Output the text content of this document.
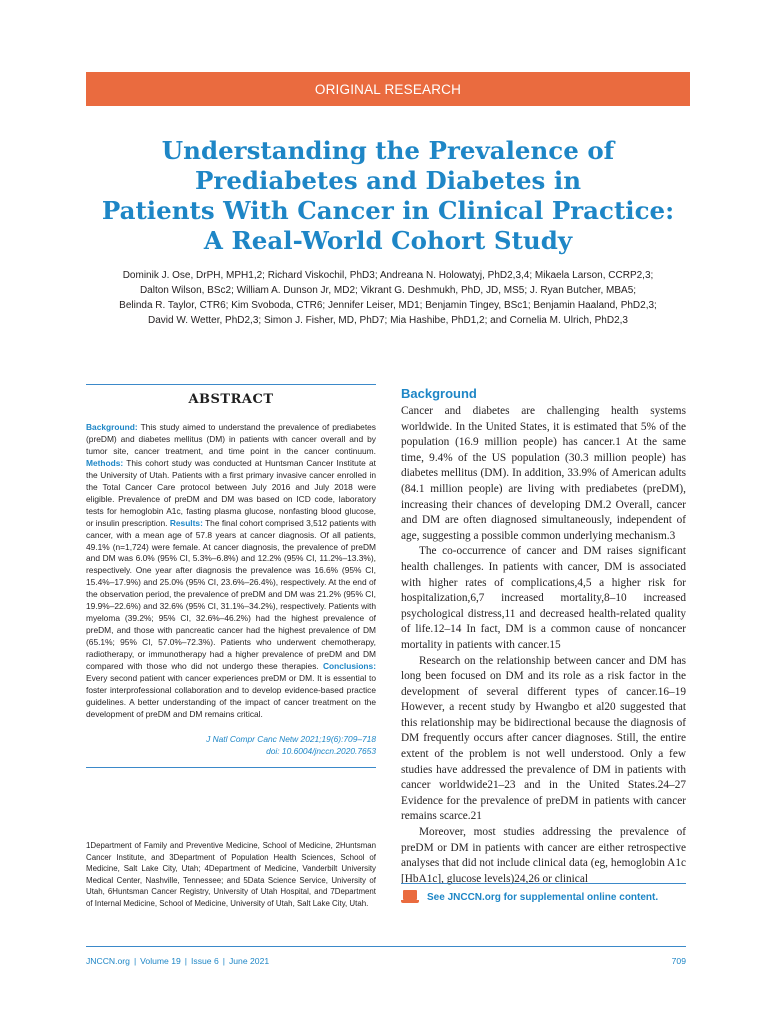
ORIGINAL RESEARCH
Understanding the Prevalence of
Prediabetes and Diabetes in
Patients With Cancer in Clinical Practice:
A Real-World Cohort Study
Dominik J. Ose, DrPH, MPH1,2; Richard Viskochil, PhD3; Andreana N. Holowatyj, PhD2,3,4; Mikaela Larson, CCRP2,3;
Dalton Wilson, BSc2; William A. Dunson Jr, MD2; Vikrant G. Deshmukh, PhD, JD, MS5; J. Ryan Butcher, MBA5;
Belinda R. Taylor, CTR6; Kim Svoboda, CTR6; Jennifer Leiser, MD1; Benjamin Tingey, BSc1; Benjamin Haaland, PhD2,3;
David W. Wetter, PhD2,3; Simon J. Fisher, MD, PhD7; Mia Hashibe, PhD1,2; and Cornelia M. Ulrich, PhD2,3
ABSTRACT
Background: This study aimed to understand the prevalence of prediabetes (preDM) and diabetes mellitus (DM) in patients with cancer overall and by tumor site, cancer treatment, and time point in the cancer continuum. Methods: This cohort study was conducted at Huntsman Cancer Institute at the University of Utah. Patients with a first primary invasive cancer enrolled in the Total Cancer Care protocol between July 2016 and July 2018 were eligible. Prevalence of preDM and DM was based on ICD code, laboratory tests for hemoglobin A1c, fasting plasma glucose, nonfasting blood glucose, or insulin prescription. Results: The final cohort comprised 3,512 patients with cancer, with a mean age of 57.8 years at cancer diagnosis. Of all patients, 49.1% (n=1,724) were female. At cancer diagnosis, the prevalence of preDM and DM was 6.0% (95% CI, 5.3%–6.8%) and 12.2% (95% CI, 11.2%–13.3%), respectively. One year after diagnosis the prevalence was 16.6% (95% CI, 15.4%–17.9%) and 25.0% (95% CI, 23.6%–26.4%), respectively. At the end of the observation period, the prevalence of preDM and DM was 21.2% (95% CI, 19.9%–22.6%) and 32.6% (95% CI, 31.1%–34.2%), respectively. Patients with myeloma (39.2%; 95% CI, 32.6%–46.2%) had the highest prevalence of preDM, and those with pancreatic cancer had the highest prevalence of DM (65.1%; 95% CI, 57.0%–72.3%). Patients who underwent chemotherapy, radiotherapy, or immunotherapy had a higher prevalence of preDM and DM compared with those who did not undergo these therapies. Conclusions: Every second patient with cancer experiences preDM or DM. It is essential to foster interprofessional collaboration and to develop evidence-based practice guidelines. A better understanding of the impact of cancer treatment on the development of preDM and DM remains critical.
J Natl Compr Canc Netw 2021;19(6):709–718
doi: 10.6004/jnccn.2020.7653
1Department of Family and Preventive Medicine, School of Medicine, 2Huntsman Cancer Institute, and 3Department of Population Health Sciences, School of Medicine, Salt Lake City, Utah; 4Department of Medicine, Vanderbilt University Medical Center, Nashville, Tennessee; and 5Data Science Service, University of Utah, 6Huntsman Cancer Registry, University of Utah Hospital, and 7Department of Internal Medicine, School of Medicine, University of Utah, Salt Lake City, Utah.
Background

Cancer and diabetes are challenging health systems worldwide. In the United States, it is estimated that 5% of the population (16.9 million people) has cancer.1 At the same time, 9.4% of the US population (30.3 million people) has diabetes mellitus (DM). In addition, 33.9% of American adults (84.1 million people) are living with prediabetes (preDM), increasing their chances of developing DM.2 Overall, cancer and DM are often diagnosed simultaneously, independent of age, suggesting a possible common underlying mechanism.3

The co-occurrence of cancer and DM raises significant health challenges. In patients with cancer, DM is associated with higher rates of complications,4,5 a higher risk for hospitalization,6,7 increased mortality,8–10 increased psychological distress,11 and decreased health-related quality of life.12–14 In fact, DM is a common cause of noncancer mortality in patients with cancer.15

Research on the relationship between cancer and DM has long been focused on DM and its role as a risk factor in the development of several different types of cancer.16–19 However, a recent study by Hwangbo et al20 suggested that this relationship may be bidirectional because the diagnosis of DM frequently occurs after cancer diagnoses. Still, the entire extent of the problem is not well understood. Only a few studies have addressed the prevalence of DM in patients with cancer worldwide21–23 and in the United States.24–27 Evidence for the prevalence of preDM in patients with cancer remains scarce.21

Moreover, most studies addressing the prevalence of preDM or DM in patients with cancer are either retrospective analyses that did not include clinical data (eg, hemoglobin A1c [HbA1c], glucose levels)24,26 or clinical

See JNCCN.org for supplemental online content.
JNCCN.org | Volume 19 | Issue 6 | June 2021	709
